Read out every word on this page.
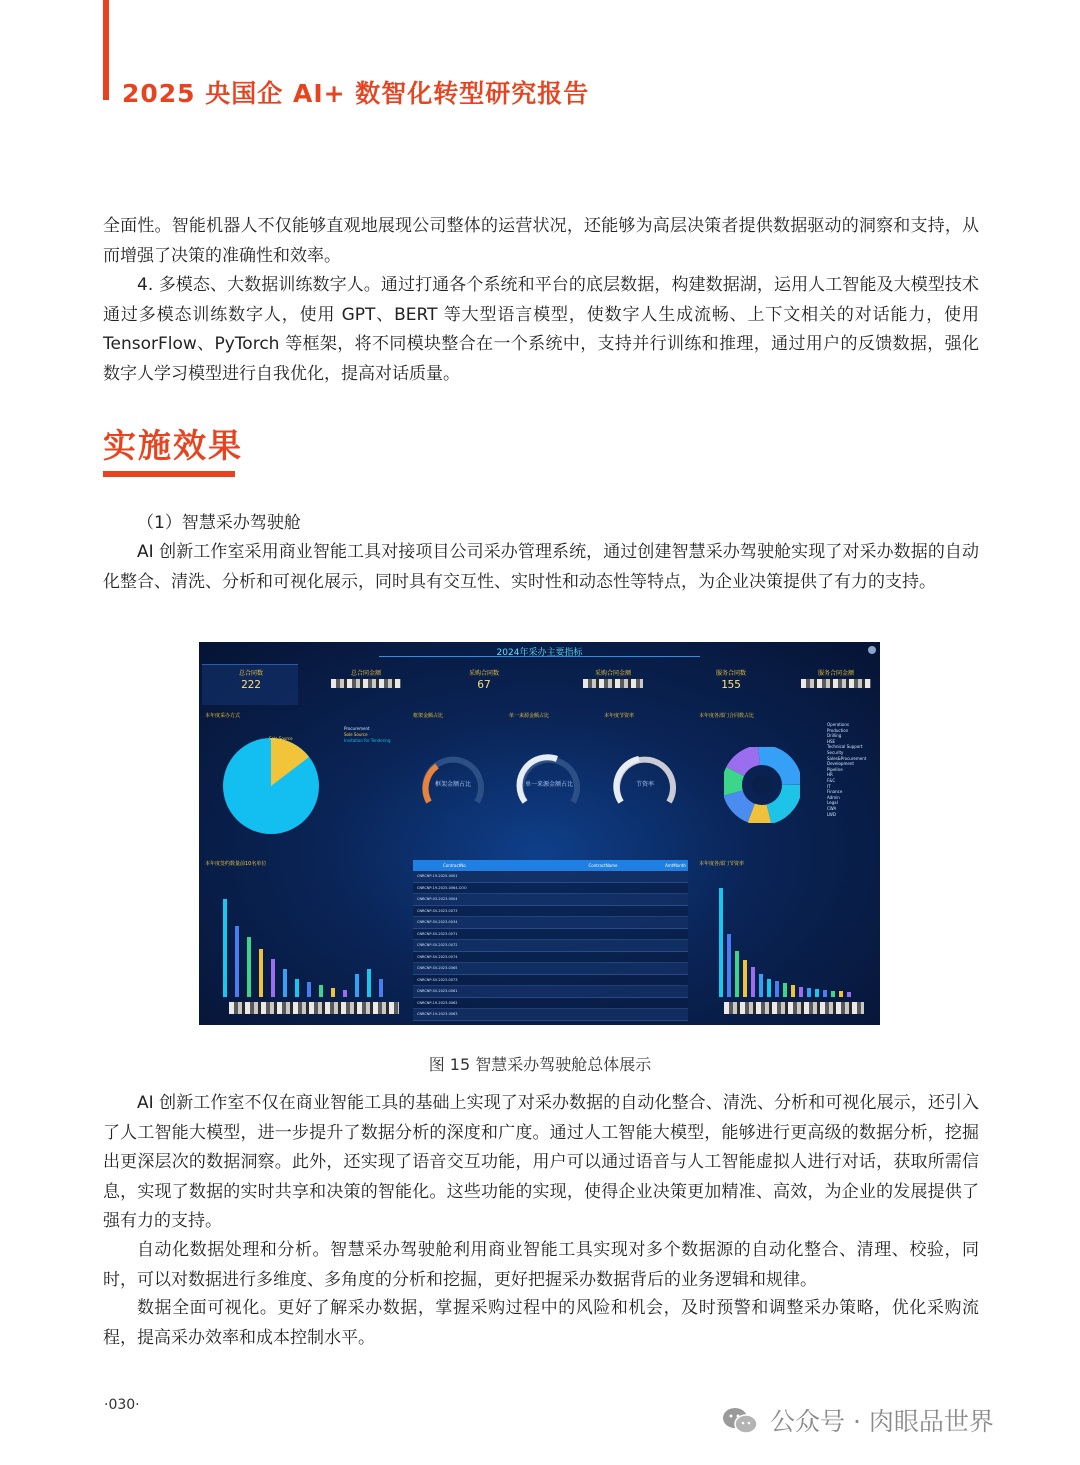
2025 央国企 AI+ 数智化转型研究报告

全面性。智能机器人不仅能够直观地展现公司整体的运营状况，还能够为高层决策者提供数据驱动的洞察和支持，从而增强了决策的准确性和效率。

4. 多模态、大数据训练数字人。通过打通各个系统和平台的底层数据，构建数据湖，运用人工智能及大模型技术通过多模态训练数字人，使用 GPT、BERT 等大型语言模型，使数字人生成流畅、上下文相关的对话能力，使用 TensorFlow、PyTorch 等框架，将不同模块整合在一个系统中，支持并行训练和推理，通过用户的反馈数据，强化数字人学习模型进行自我优化，提高对话质量。

实施效果

（1）智慧采办驾驶舱

AI 创新工作室采用商业智能工具对接项目公司采办管理系统，通过创建智慧采办驾驶舱实现了对采办数据的自动化整合、清洗、分析和可视化展示，同时具有交互性、实时性和动态性等特点，为企业决策提供了有力的支持。

2024年采办主要指标
总合同数
222
总合同金额	采购合同数
67
采购合同金额	服务合同数
155
服务合同金额
本年度采办方式	框架金额占比	单一来源金额占比	本年度节资率	本年度各部门合同数占比
本年度签约数量前10名单位	本年度各部门节资率
Sole Source
Procurement
Sole Source
Invitation for Tendering
框架金额占比	单一来源金额占比	节资率
Operations
Production
Drilling
HSE
Technical Support
Security
Sales&Procurement
Development
Pipeline
HR
F&C
IT
Finance
Admin
Legal
CWA
LWD
ContractNo	ContractName	AmtMonth
CNRCNP-19-2025-0001
CNRCNP-19-2025-0064-COO
CNRCNP-03-2023-0004
CNRCNP-SV-2023-0073
CNRCNP-SV-2023-0034
CNRCNP-SV-2023-0071
CNRCNP-SV-2023-0072
CNRCNP-SV-2023-0074
CNRCNP-SV-2023-0065
CNRCNP-SV-2023-0073
CNRCNP-SV-2023-0061
CNRCNP-19-2023-0062
CNRCNP-19-2023-0063

图 15 智慧采办驾驶舱总体展示

AI 创新工作室不仅在商业智能工具的基础上实现了对采办数据的自动化整合、清洗、分析和可视化展示，还引入了人工智能大模型，进一步提升了数据分析的深度和广度。通过人工智能大模型，能够进行更高级的数据分析，挖掘出更深层次的数据洞察。此外，还实现了语音交互功能，用户可以通过语音与人工智能虚拟人进行对话，获取所需信息，实现了数据的实时共享和决策的智能化。这些功能的实现，使得企业决策更加精准、高效，为企业的发展提供了强有力的支持。

自动化数据处理和分析。智慧采办驾驶舱利用商业智能工具实现对多个数据源的自动化整合、清理、校验，同时，可以对数据进行多维度、多角度的分析和挖掘，更好把握采办数据背后的业务逻辑和规律。

数据全面可视化。更好了解采办数据，掌握采购过程中的风险和机会，及时预警和调整采办策略，优化采购流程，提高采办效率和成本控制水平。

·030·
公众号 · 肉眼品世界
